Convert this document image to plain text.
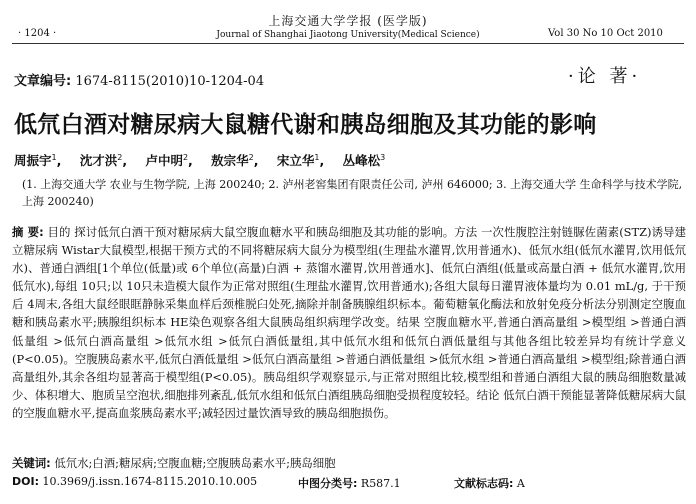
· 1204 ·
上海交通大学学报 (医学版)
Journal of Shanghai Jiaotong University(Medical Science)	Vol 30 No 10 Oct 2010
文章编号: 1674-8115(2010)10-1204-04	·论 著·
低氘白酒对糖尿病大鼠糖代谢和胰岛细胞及其功能的影响
周振宇$^1$, 沈才洪$^2$, 卢中明$^2$, 敖宗华$^2$, 宋立华$^1$, 丛峰松$^3$
(1. 上海交通大学 农业与生物学院, 上海 200240; 2. 泸州老窖集团有限责任公司, 泸州 646000; 3. 上海交通大学 生命科学与技术学院, 上海 200240)
摘 要: 目的 探讨低氘白酒干预对糖尿病大鼠空腹血糖水平和胰岛细胞及其功能的影响。方法 一次性腹腔注射链脲佐菌素(STZ)诱导建立糖尿病 Wistar大鼠模型,根据干预方式的不同将糖尿病大鼠分为模型组(生理盐水灌胃,饮用普通水)、低氘水组(低氘水灌胃,饮用低氘水)、普通白酒组[1个单位(低量)或 6个单位(高量)白酒 + 蒸馏水灌胃,饮用普通水]、低氘白酒组(低量或高量白酒 + 低氘水灌胃,饮用低氘水),每组 10只;以 10只未造模大鼠作为正常对照组(生理盐水灌胃,饮用普通水);各组大鼠每日灌胃液体量均为 0.01 mL/g, 于干预后 4周末,各组大鼠经眼眶静脉采集血样后颈椎脱臼处死,摘除并制备胰腺组织标本。葡萄糖氧化酶法和放射免疫分析法分别测定空腹血糖和胰岛素水平;胰腺组织标本 HE染色观察各组大鼠胰岛组织病理学改变。结果 空腹血糖水平,普通白酒高量组 >模型组 >普通白酒低量组 >低氘白酒高量组 >低氘水组 >低氘白酒低量组,其中低氘水组和低氘白酒低量组与其他各组比较差异均有统计学意义(P<0.05)。空腹胰岛素水平,低氘白酒低量组 >低氘白酒高量组 >普通白酒低量组 >低氘水组 >普通白酒高量组 >模型组;除普通白酒高量组外,其余各组均显著高于模型组(P<0.05)。胰岛组织学观察显示,与正常对照组比较,模型组和普通白酒组大鼠的胰岛细胞数量减少、体积增大、胞质呈空泡状,细胞排列紊乱,低氘水组和低氘白酒组胰岛细胞受损程度较轻。结论 低氘白酒干预能显著降低糖尿病大鼠的空腹血糖水平,提高血浆胰岛素水平;减轻因过量饮酒导致的胰岛细胞损伤。
关键词: 低氘水;白酒;糖尿病;空腹血糖;空腹胰岛素水平;胰岛细胞
DOI: 10.3969/j.issn.1674-8115.2010.10.005	中图分类号: R587.1	文献标志码: A
